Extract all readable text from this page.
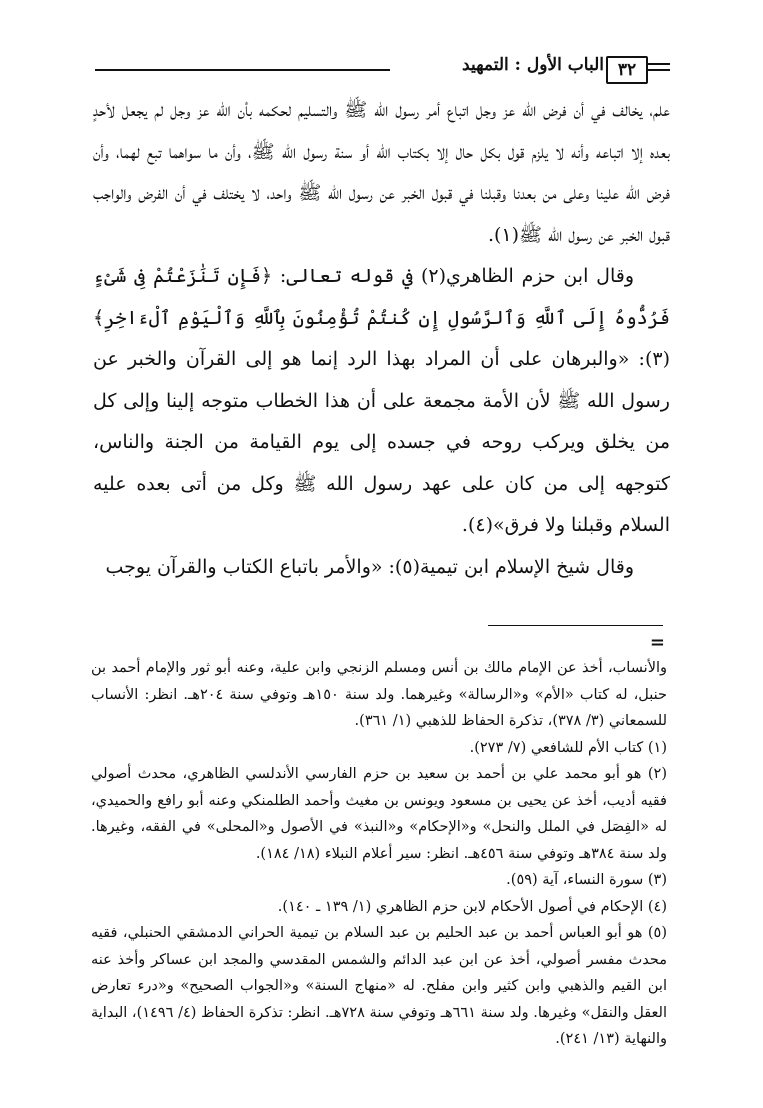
٣٢
الباب الأول : التمهيد

علم، يخالف في أن فرض الله عز وجل اتباع أمر رسول الله ﷺ والتسليم لحكمه بأن الله عز وجل لم يجعل لأحدٍ بعده إلا اتباعه وأنه لا يلزم قول بكل حال إلا بكتاب الله أو سنة رسول الله ﷺ، وأن ما سواهما تبع لهما، وأن فرض الله علينا وعلى من بعدنا وقبلنا في قبول الخبر عن رسول الله ﷺ واحد، لا يختلف في أن الفرض والواجب قبول الخبر عن رسول الله ﷺ(١).

وقال ابن حزم الظاهري(٢) في قوله تعالى: ﴿فَإِن تَنَٰزَعْتُمْ فِى شَىْءٍ فَرُدُّوهُ إِلَى ٱللَّهِ وَٱلرَّسُولِ إِن كُنتُمْ تُؤْمِنُونَ بِٱللَّهِ وَٱلْيَوْمِ ٱلْءَاخِرِ﴾(٣): «والبرهان على أن المراد بهذا الرد إنما هو إلى القرآن والخبر عن رسول الله ﷺ لأن الأمة مجمعة على أن هذا الخطاب متوجه إلينا وإلى كل من يخلق ويركب روحه في جسده إلى يوم القيامة من الجنة والناس، كتوجهه إلى من كان على عهد رسول الله ﷺ وكل من أتى بعده عليه السلام وقبلنا ولا فرق»(٤).

وقال شيخ الإسلام ابن تيمية(٥): «والأمر باتباع الكتاب والقرآن يوجب

=

والأنساب، أخذ عن الإمام مالك بن أنس ومسلم الزنجي وابن علية، وعنه أبو ثور والإمام أحمد بن حنبل، له كتاب «الأم» و«الرسالة» وغيرهما. ولد سنة ١٥٠هـ وتوفي سنة ٢٠٤هـ. انظر: الأنساب للسمعاني (٣/ ٣٧٨)، تذكرة الحفاظ للذهبي (١/ ٣٦١).

(١) كتاب الأم للشافعي (٧/ ٢٧٣).

(٢) هو أبو محمد علي بن أحمد بن سعيد بن حزم الفارسي الأندلسي الظاهري، محدث أصولي فقيه أديب، أخذ عن يحيى بن مسعود ويونس بن مغيث وأحمد الطلمنكي وعنه أبو رافع والحميدي، له «الفِصَل في الملل والنحل» و«الإحكام» و«النبذ» في الأصول و«المحلى» في الفقه، وغيرها. ولد سنة ٣٨٤هـ وتوفي سنة ٤٥٦هـ. انظر: سير أعلام النبلاء (١٨/ ١٨٤).

(٣) سورة النساء، آية (٥٩).

(٤) الإحكام في أصول الأحكام لابن حزم الظاهري (١/ ١٣٩ ـ ١٤٠).

(٥) هو أبو العباس أحمد بن عبد الحليم بن عبد السلام بن تيمية الحراني الدمشقي الحنبلي، فقيه محدث مفسر أصولي، أخذ عن ابن عبد الدائم والشمس المقدسي والمجد ابن عساكر وأخذ عنه ابن القيم والذهبي وابن كثير وابن مفلح. له «منهاج السنة» و«الجواب الصحيح» و«درء تعارض العقل والنقل» وغيرها. ولد سنة ٦٦١هـ وتوفي سنة ٧٢٨هـ. انظر: تذكرة الحفاظ (٤/ ١٤٩٦)، البداية والنهاية (١٣/ ٢٤١).
